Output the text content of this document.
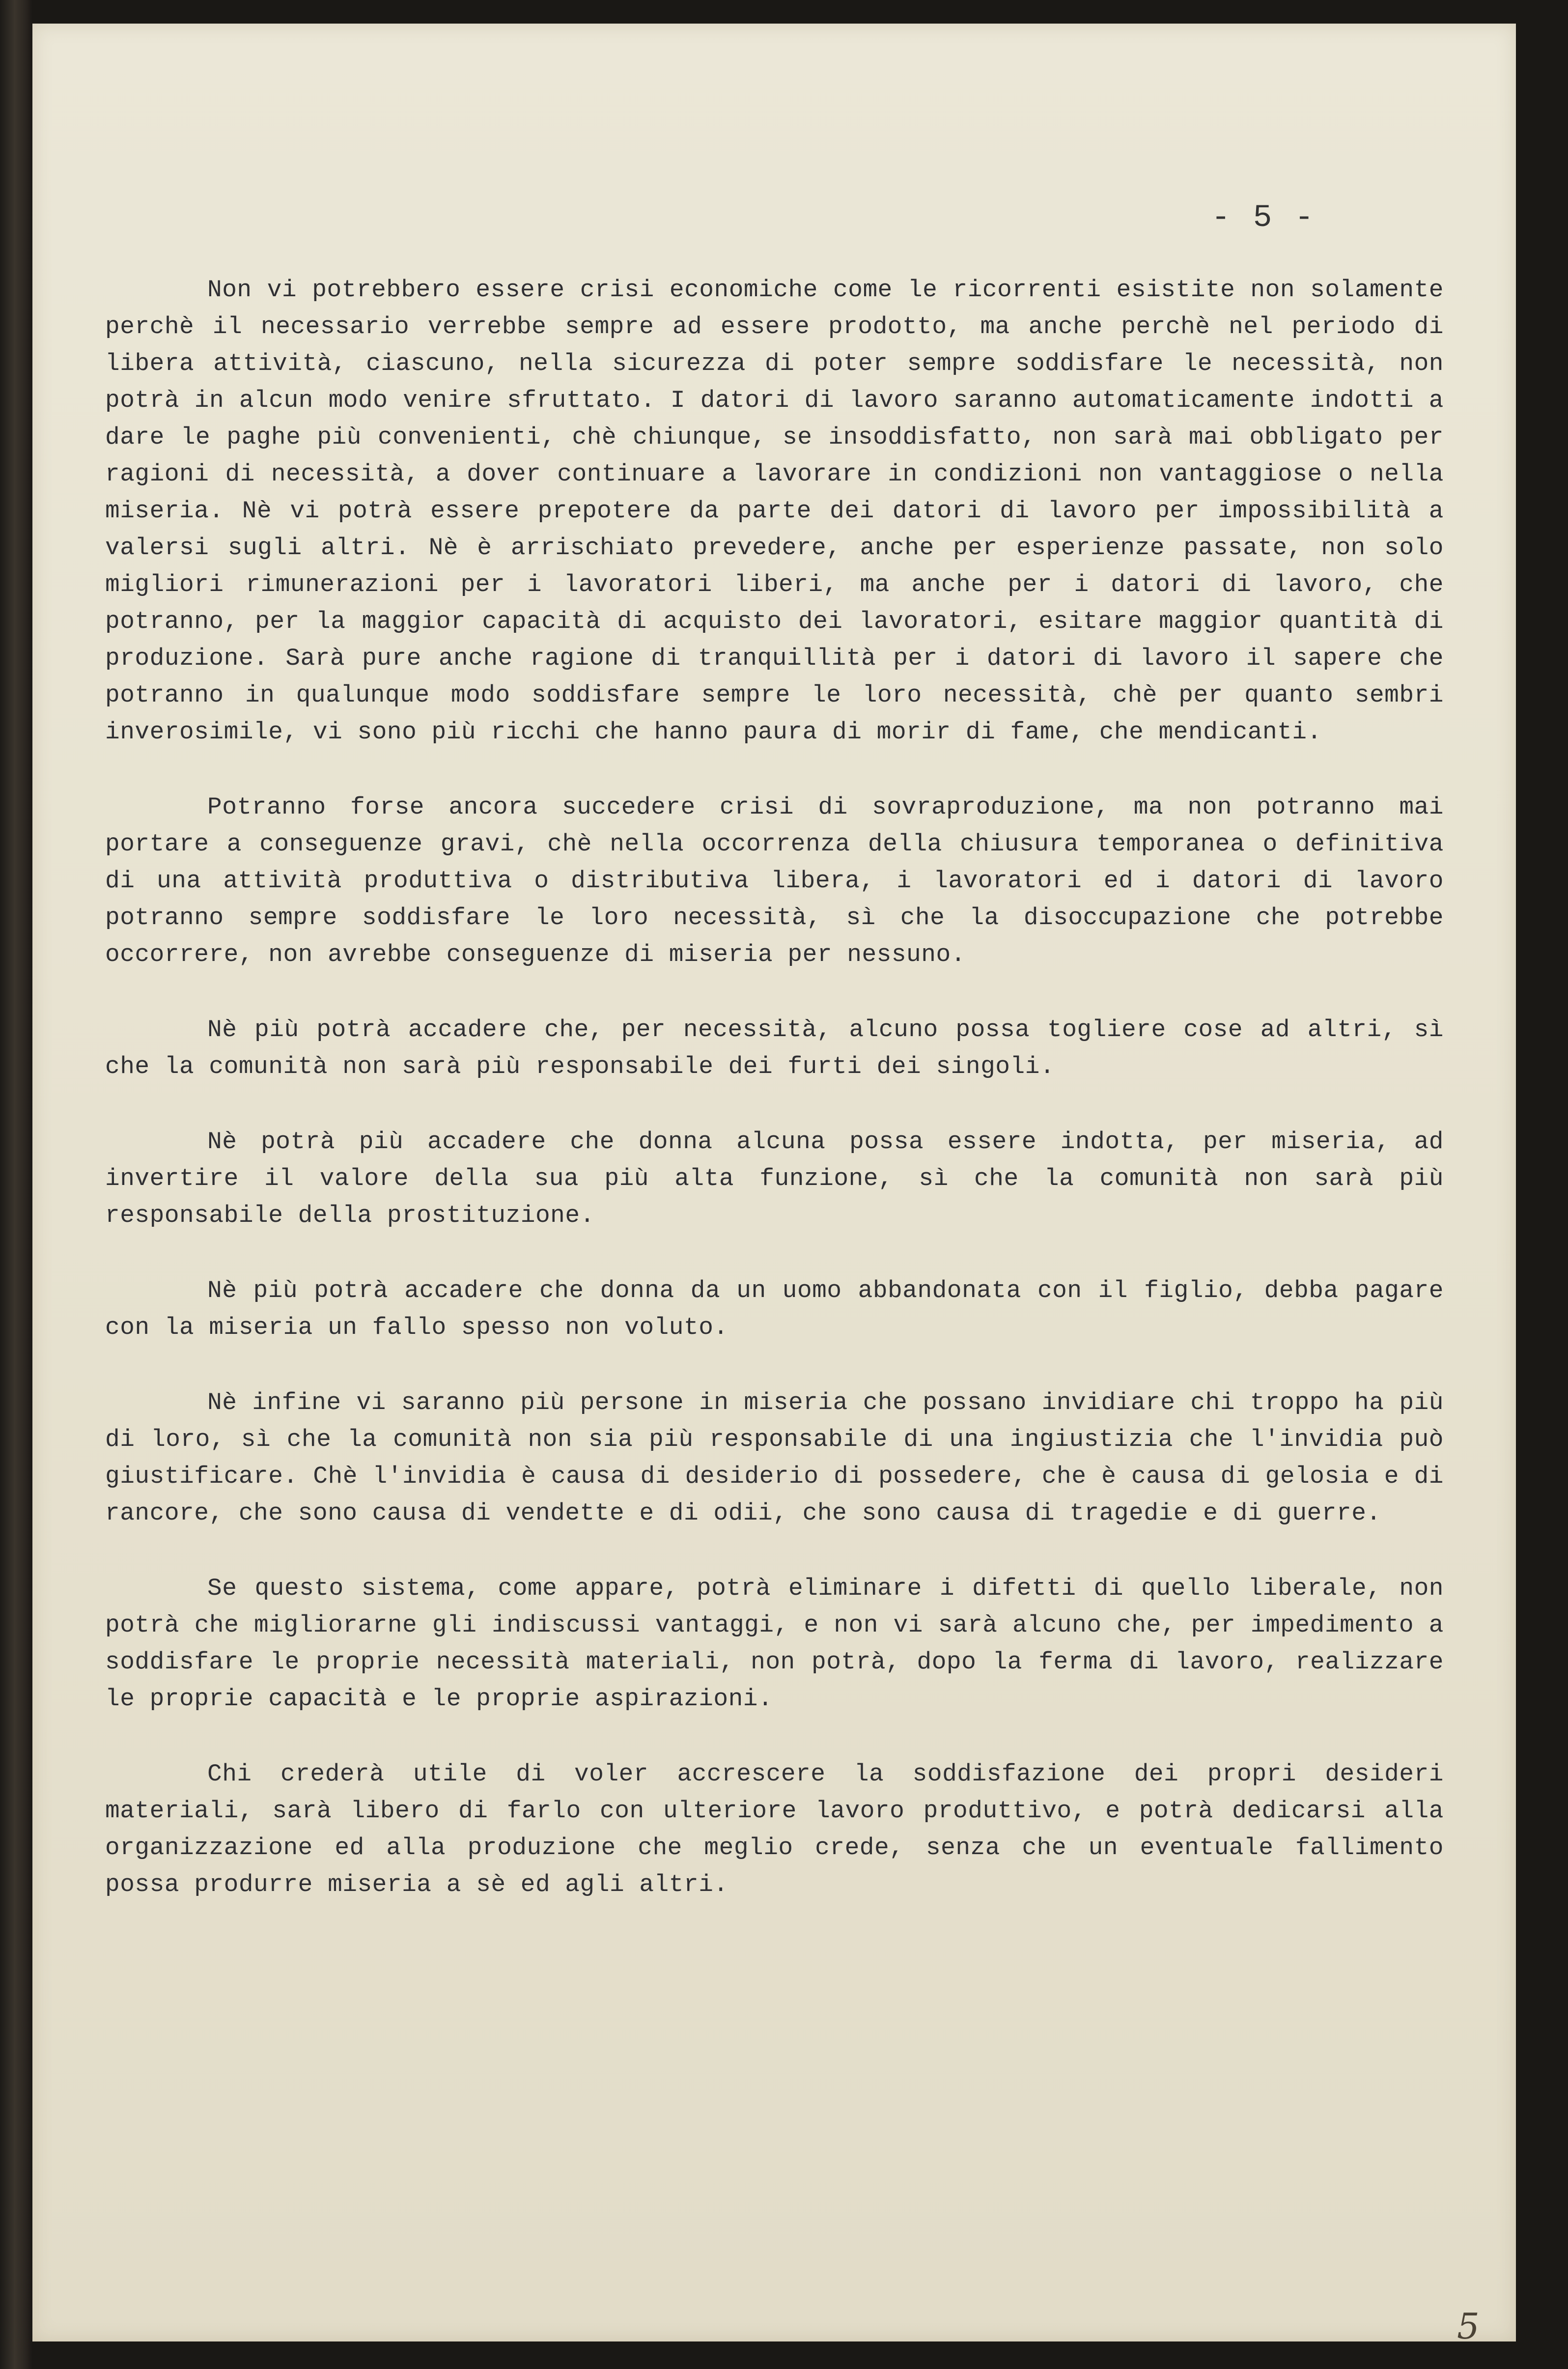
- 5 -

Non vi potrebbero essere crisi economiche come le ricorrenti esistite non solamente perchè il necessario verrebbe sempre ad essere prodotto, ma anche perchè nel periodo di libera attività, ciascuno, nella sicurezza di poter sempre soddisfare le necessità, non potrà in alcun modo venire sfruttato. I datori di lavoro saranno automaticamente indotti a dare le paghe più convenienti, chè chiunque, se insoddisfatto, non sarà mai obbligato per ragioni di necessità, a dover continuare a lavorare in condizioni non vantaggiose o nella miseria. Nè vi potrà essere prepotere da parte dei datori di lavoro per impossibilità a valersi sugli altri. Nè è arrischiato prevedere, anche per esperienze passate, non solo migliori rimunerazioni per i lavoratori liberi, ma anche per i datori di lavoro, che potranno, per la maggior capacità di acquisto dei lavoratori, esitare maggior quantità di produzione. Sarà pure anche ragione di tranquillità per i datori di lavoro il sapere che potranno in qualunque modo soddisfare sempre le loro necessità, chè per quanto sembri inverosimile, vi sono più ricchi che hanno paura di morir di fame, che mendicanti.

Potranno forse ancora succedere crisi di sovraproduzione, ma non potranno mai portare a conseguenze gravi, chè nella occorrenza della chiusura temporanea o definitiva di una attività produttiva o distributiva libera, i lavoratori ed i datori di lavoro potranno sempre soddisfare le loro necessità, sì che la disoccupazione che potrebbe occorrere, non avrebbe conseguenze di miseria per nessuno.

Nè più potrà accadere che, per necessità, alcuno possa togliere cose ad altri, sì che la comunità non sarà più responsabile dei furti dei singoli.

Nè potrà più accadere che donna alcuna possa essere indotta, per miseria, ad invertire il valore della sua più alta funzione, sì che la comunità non sarà più responsabile della prostituzione.

Nè più potrà accadere che donna da un uomo abbandonata con il figlio, debba pagare con la miseria un fallo spesso non voluto.

Nè infine vi saranno più persone in miseria che possano invidiare chi troppo ha più di loro, sì che la comunità non sia più responsabile di una ingiustizia che l'invidia può giustificare. Chè l'invidia è causa di desiderio di possedere, che è causa di gelosia e di rancore, che sono causa di vendette e di odii, che sono causa di tragedie e di guerre.

Se questo sistema, come appare, potrà eliminare i difetti di quello liberale, non potrà che migliorarne gli indiscussi vantaggi, e non vi sarà alcuno che, per impedimento a soddisfare le proprie necessità materiali, non potrà, dopo la ferma di lavoro, realizzare le proprie capacità e le proprie aspirazioni.

Chi crederà utile di voler accrescere la soddisfazione dei propri desideri materiali, sarà libero di farlo con ulteriore lavoro produttivo, e potrà dedicarsi alla organizzazione ed alla produzione che meglio crede, senza che un eventuale fallimento possa produrre miseria a sè ed agli altri.

5
